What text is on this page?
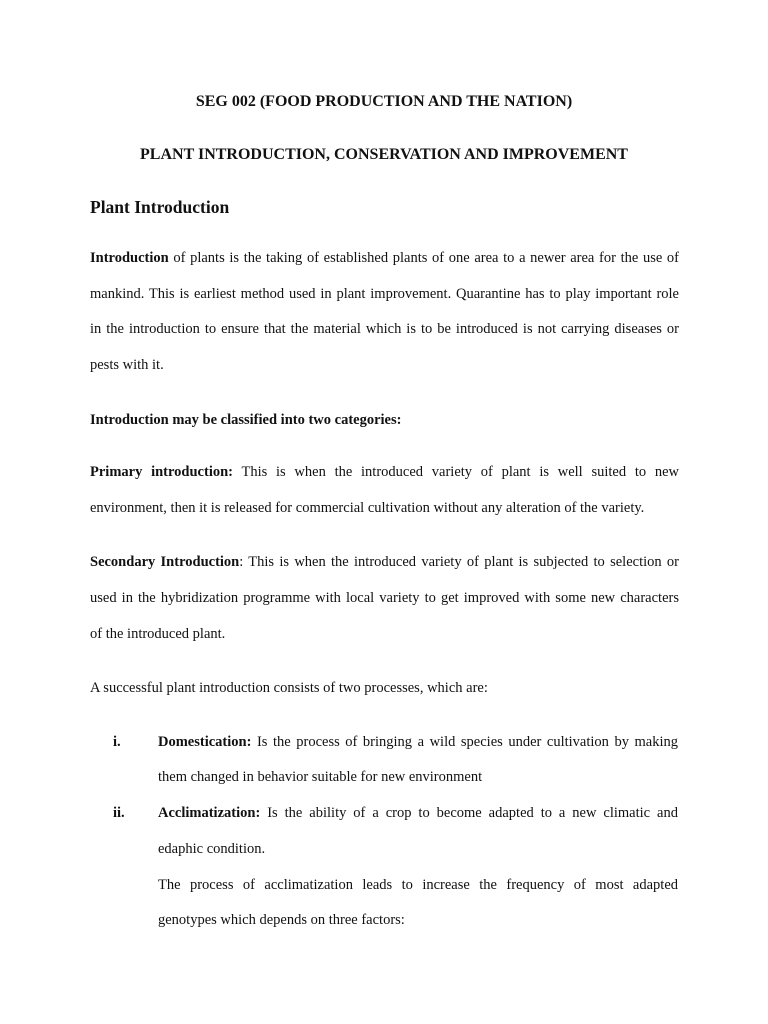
SEG 002 (FOOD PRODUCTION AND THE NATION)
PLANT INTRODUCTION, CONSERVATION AND IMPROVEMENT
Plant Introduction
Introduction of plants is the taking of established plants of one area to a newer area for the use of
mankind. This is earliest method used in plant improvement. Quarantine has to play important role
in the introduction to ensure that the material which is to be introduced is not carrying diseases or
pests with it.
Introduction may be classified into two categories:
Primary introduction: This is when the introduced variety of plant is well suited to new
environment, then it is released for commercial cultivation without any alteration of the variety.
Secondary Introduction: This is when the introduced variety of plant is subjected to selection or
used in the hybridization programme with local variety to get improved with some new characters
of the introduced plant.
A successful plant introduction consists of two processes, which are:
i.	Domestication: Is the process of bringing a wild species under cultivation by making
them changed in behavior suitable for new environment
ii. Acclimatization: Is the ability of a crop to become adapted to a new climatic and
edaphic condition.
The process of acclimatization leads to increase the frequency of most adapted
genotypes which depends on three factors:
